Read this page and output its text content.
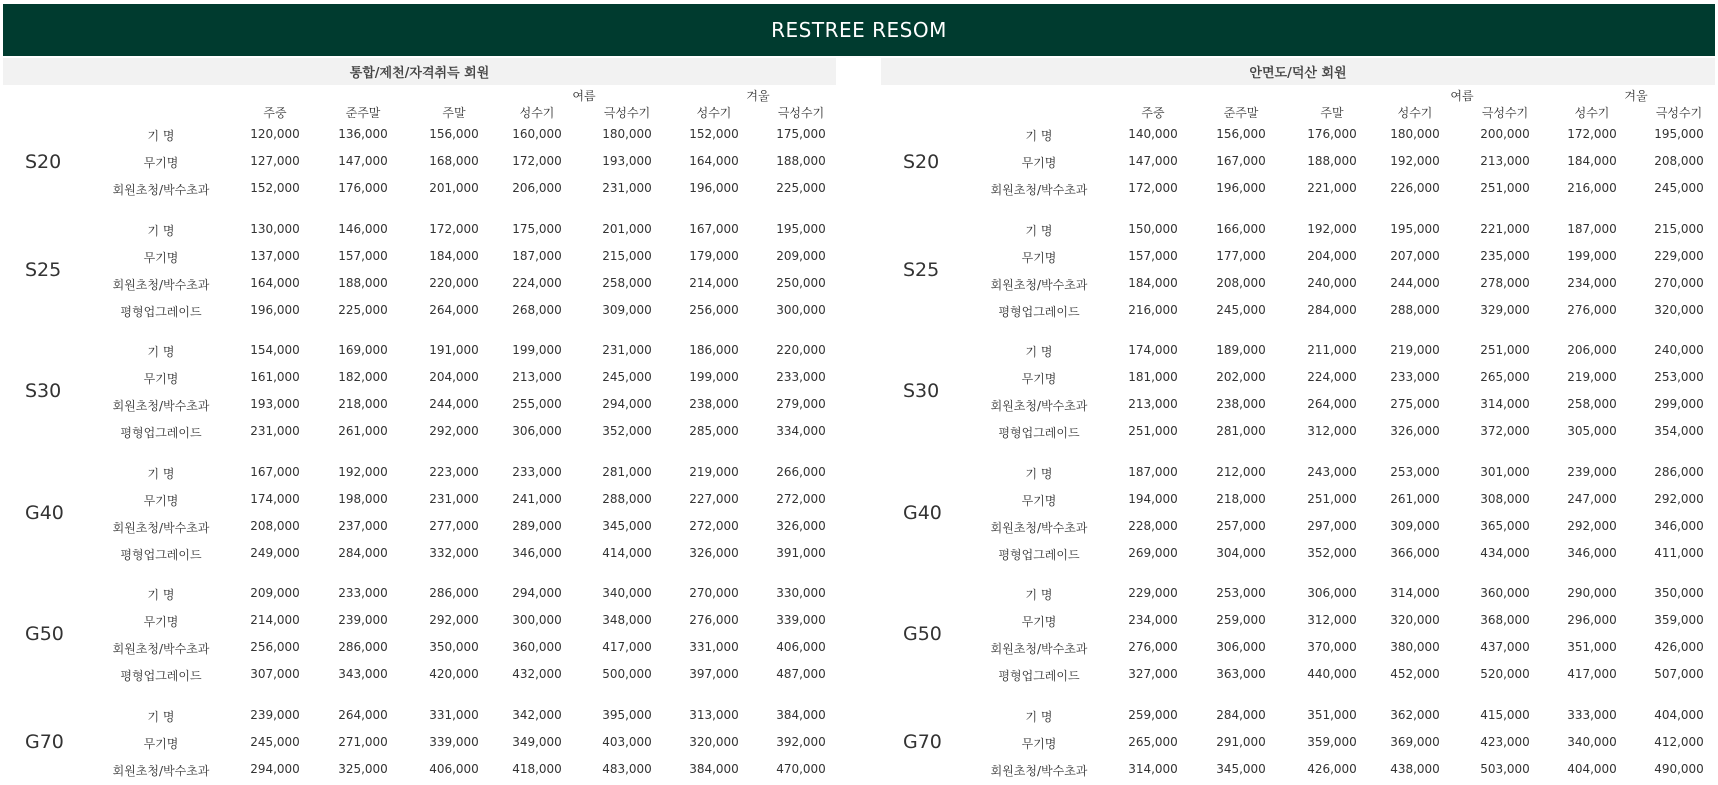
RESTREE RESOM
통합/제천/자격취득 회원
여름	겨울
주중	준주말	주말	성수기	극성수기	성수기	극성수기
S20
기 명	120,000	136,000	156,000	160,000	180,000	152,000	175,000
무기명	127,000	147,000	168,000	172,000	193,000	164,000	188,000
회원초청/박수초과	152,000	176,000	201,000	206,000	231,000	196,000	225,000
S25
기 명	130,000	146,000	172,000	175,000	201,000	167,000	195,000
무기명	137,000	157,000	184,000	187,000	215,000	179,000	209,000
회원초청/박수초과	164,000	188,000	220,000	224,000	258,000	214,000	250,000
평형업그레이드	196,000	225,000	264,000	268,000	309,000	256,000	300,000
S30
기 명	154,000	169,000	191,000	199,000	231,000	186,000	220,000
무기명	161,000	182,000	204,000	213,000	245,000	199,000	233,000
회원초청/박수초과	193,000	218,000	244,000	255,000	294,000	238,000	279,000
평형업그레이드	231,000	261,000	292,000	306,000	352,000	285,000	334,000
G40
기 명	167,000	192,000	223,000	233,000	281,000	219,000	266,000
무기명	174,000	198,000	231,000	241,000	288,000	227,000	272,000
회원초청/박수초과	208,000	237,000	277,000	289,000	345,000	272,000	326,000
평형업그레이드	249,000	284,000	332,000	346,000	414,000	326,000	391,000
G50
기 명	209,000	233,000	286,000	294,000	340,000	270,000	330,000
무기명	214,000	239,000	292,000	300,000	348,000	276,000	339,000
회원초청/박수초과	256,000	286,000	350,000	360,000	417,000	331,000	406,000
평형업그레이드	307,000	343,000	420,000	432,000	500,000	397,000	487,000
G70
기 명	239,000	264,000	331,000	342,000	395,000	313,000	384,000
무기명	245,000	271,000	339,000	349,000	403,000	320,000	392,000
회원초청/박수초과	294,000	325,000	406,000	418,000	483,000	384,000	470,000
안면도/덕산 회원
여름	겨울
주중	준주말	주말	성수기	극성수기	성수기	극성수기
S20
기 명	140,000	156,000	176,000	180,000	200,000	172,000	195,000
무기명	147,000	167,000	188,000	192,000	213,000	184,000	208,000
회원초청/박수초과	172,000	196,000	221,000	226,000	251,000	216,000	245,000
S25
기 명	150,000	166,000	192,000	195,000	221,000	187,000	215,000
무기명	157,000	177,000	204,000	207,000	235,000	199,000	229,000
회원초청/박수초과	184,000	208,000	240,000	244,000	278,000	234,000	270,000
평형업그레이드	216,000	245,000	284,000	288,000	329,000	276,000	320,000
S30
기 명	174,000	189,000	211,000	219,000	251,000	206,000	240,000
무기명	181,000	202,000	224,000	233,000	265,000	219,000	253,000
회원초청/박수초과	213,000	238,000	264,000	275,000	314,000	258,000	299,000
평형업그레이드	251,000	281,000	312,000	326,000	372,000	305,000	354,000
G40
기 명	187,000	212,000	243,000	253,000	301,000	239,000	286,000
무기명	194,000	218,000	251,000	261,000	308,000	247,000	292,000
회원초청/박수초과	228,000	257,000	297,000	309,000	365,000	292,000	346,000
평형업그레이드	269,000	304,000	352,000	366,000	434,000	346,000	411,000
G50
기 명	229,000	253,000	306,000	314,000	360,000	290,000	350,000
무기명	234,000	259,000	312,000	320,000	368,000	296,000	359,000
회원초청/박수초과	276,000	306,000	370,000	380,000	437,000	351,000	426,000
평형업그레이드	327,000	363,000	440,000	452,000	520,000	417,000	507,000
G70
기 명	259,000	284,000	351,000	362,000	415,000	333,000	404,000
무기명	265,000	291,000	359,000	369,000	423,000	340,000	412,000
회원초청/박수초과	314,000	345,000	426,000	438,000	503,000	404,000	490,000
